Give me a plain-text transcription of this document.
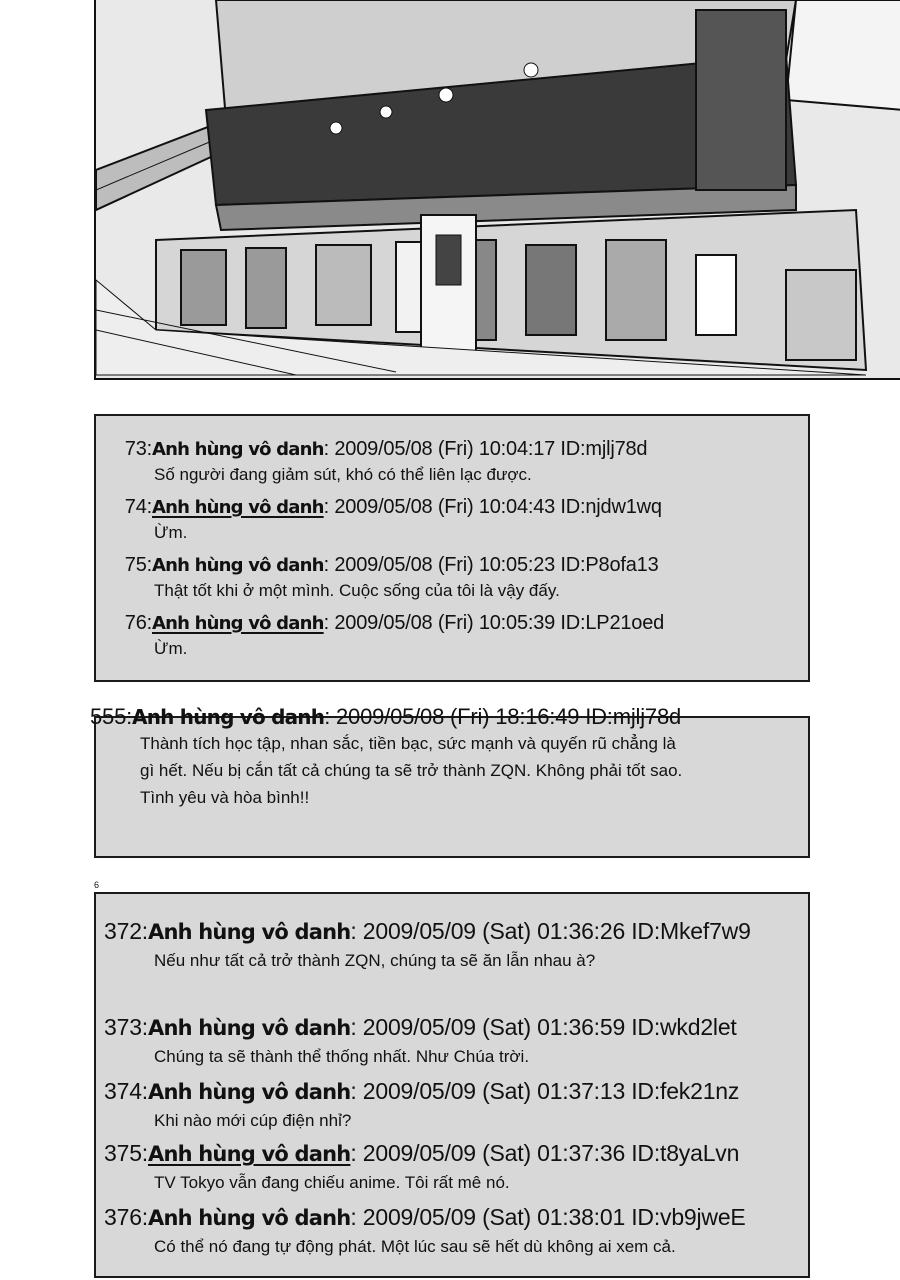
73:Anh hùng vô danh: 2009/05/08 (Fri) 10:04:17 ID:mjlj78d
Số người đang giảm sút, khó có thể liên lạc được.
74:Anh hùng vô danh: 2009/05/08 (Fri) 10:04:43 ID:njdw1wq
Ừm.
75:Anh hùng vô danh: 2009/05/08 (Fri) 10:05:23 ID:P8ofa13
Thật tốt khi ở một mình. Cuộc sống của tôi là vậy đấy.
76:Anh hùng vô danh: 2009/05/08 (Fri) 10:05:39 ID:LP21oed
Ừm.
555:Anh hùng vô danh: 2009/05/08 (Fri) 18:16:49 ID:mjlj78d
Thành tích học tập, nhan sắc, tiền bạc, sức mạnh và quyến rũ chẳng là
gì hết. Nếu bị cắn tất cả chúng ta sẽ trở thành ZQN. Không phải tốt sao.
Tình yêu và hòa bình!!
6
372:Anh hùng vô danh: 2009/05/09 (Sat) 01:36:26 ID:Mkef7w9
Nếu như tất cả trở thành ZQN, chúng ta sẽ ăn lẫn nhau à?
373:Anh hùng vô danh: 2009/05/09 (Sat) 01:36:59 ID:wkd2let
Chúng ta sẽ thành thể thống nhất. Như Chúa trời.
374:Anh hùng vô danh: 2009/05/09 (Sat) 01:37:13 ID:fek21nz
Khi nào mới cúp điện nhỉ?
375:Anh hùng vô danh: 2009/05/09 (Sat) 01:37:36 ID:t8yaLvn
TV Tokyo vẫn đang chiếu anime. Tôi rất mê nó.
376:Anh hùng vô danh: 2009/05/09 (Sat) 01:38:01 ID:vb9jweE
Có thể nó đang tự động phát. Một lúc sau sẽ hết dù không ai xem cả.
